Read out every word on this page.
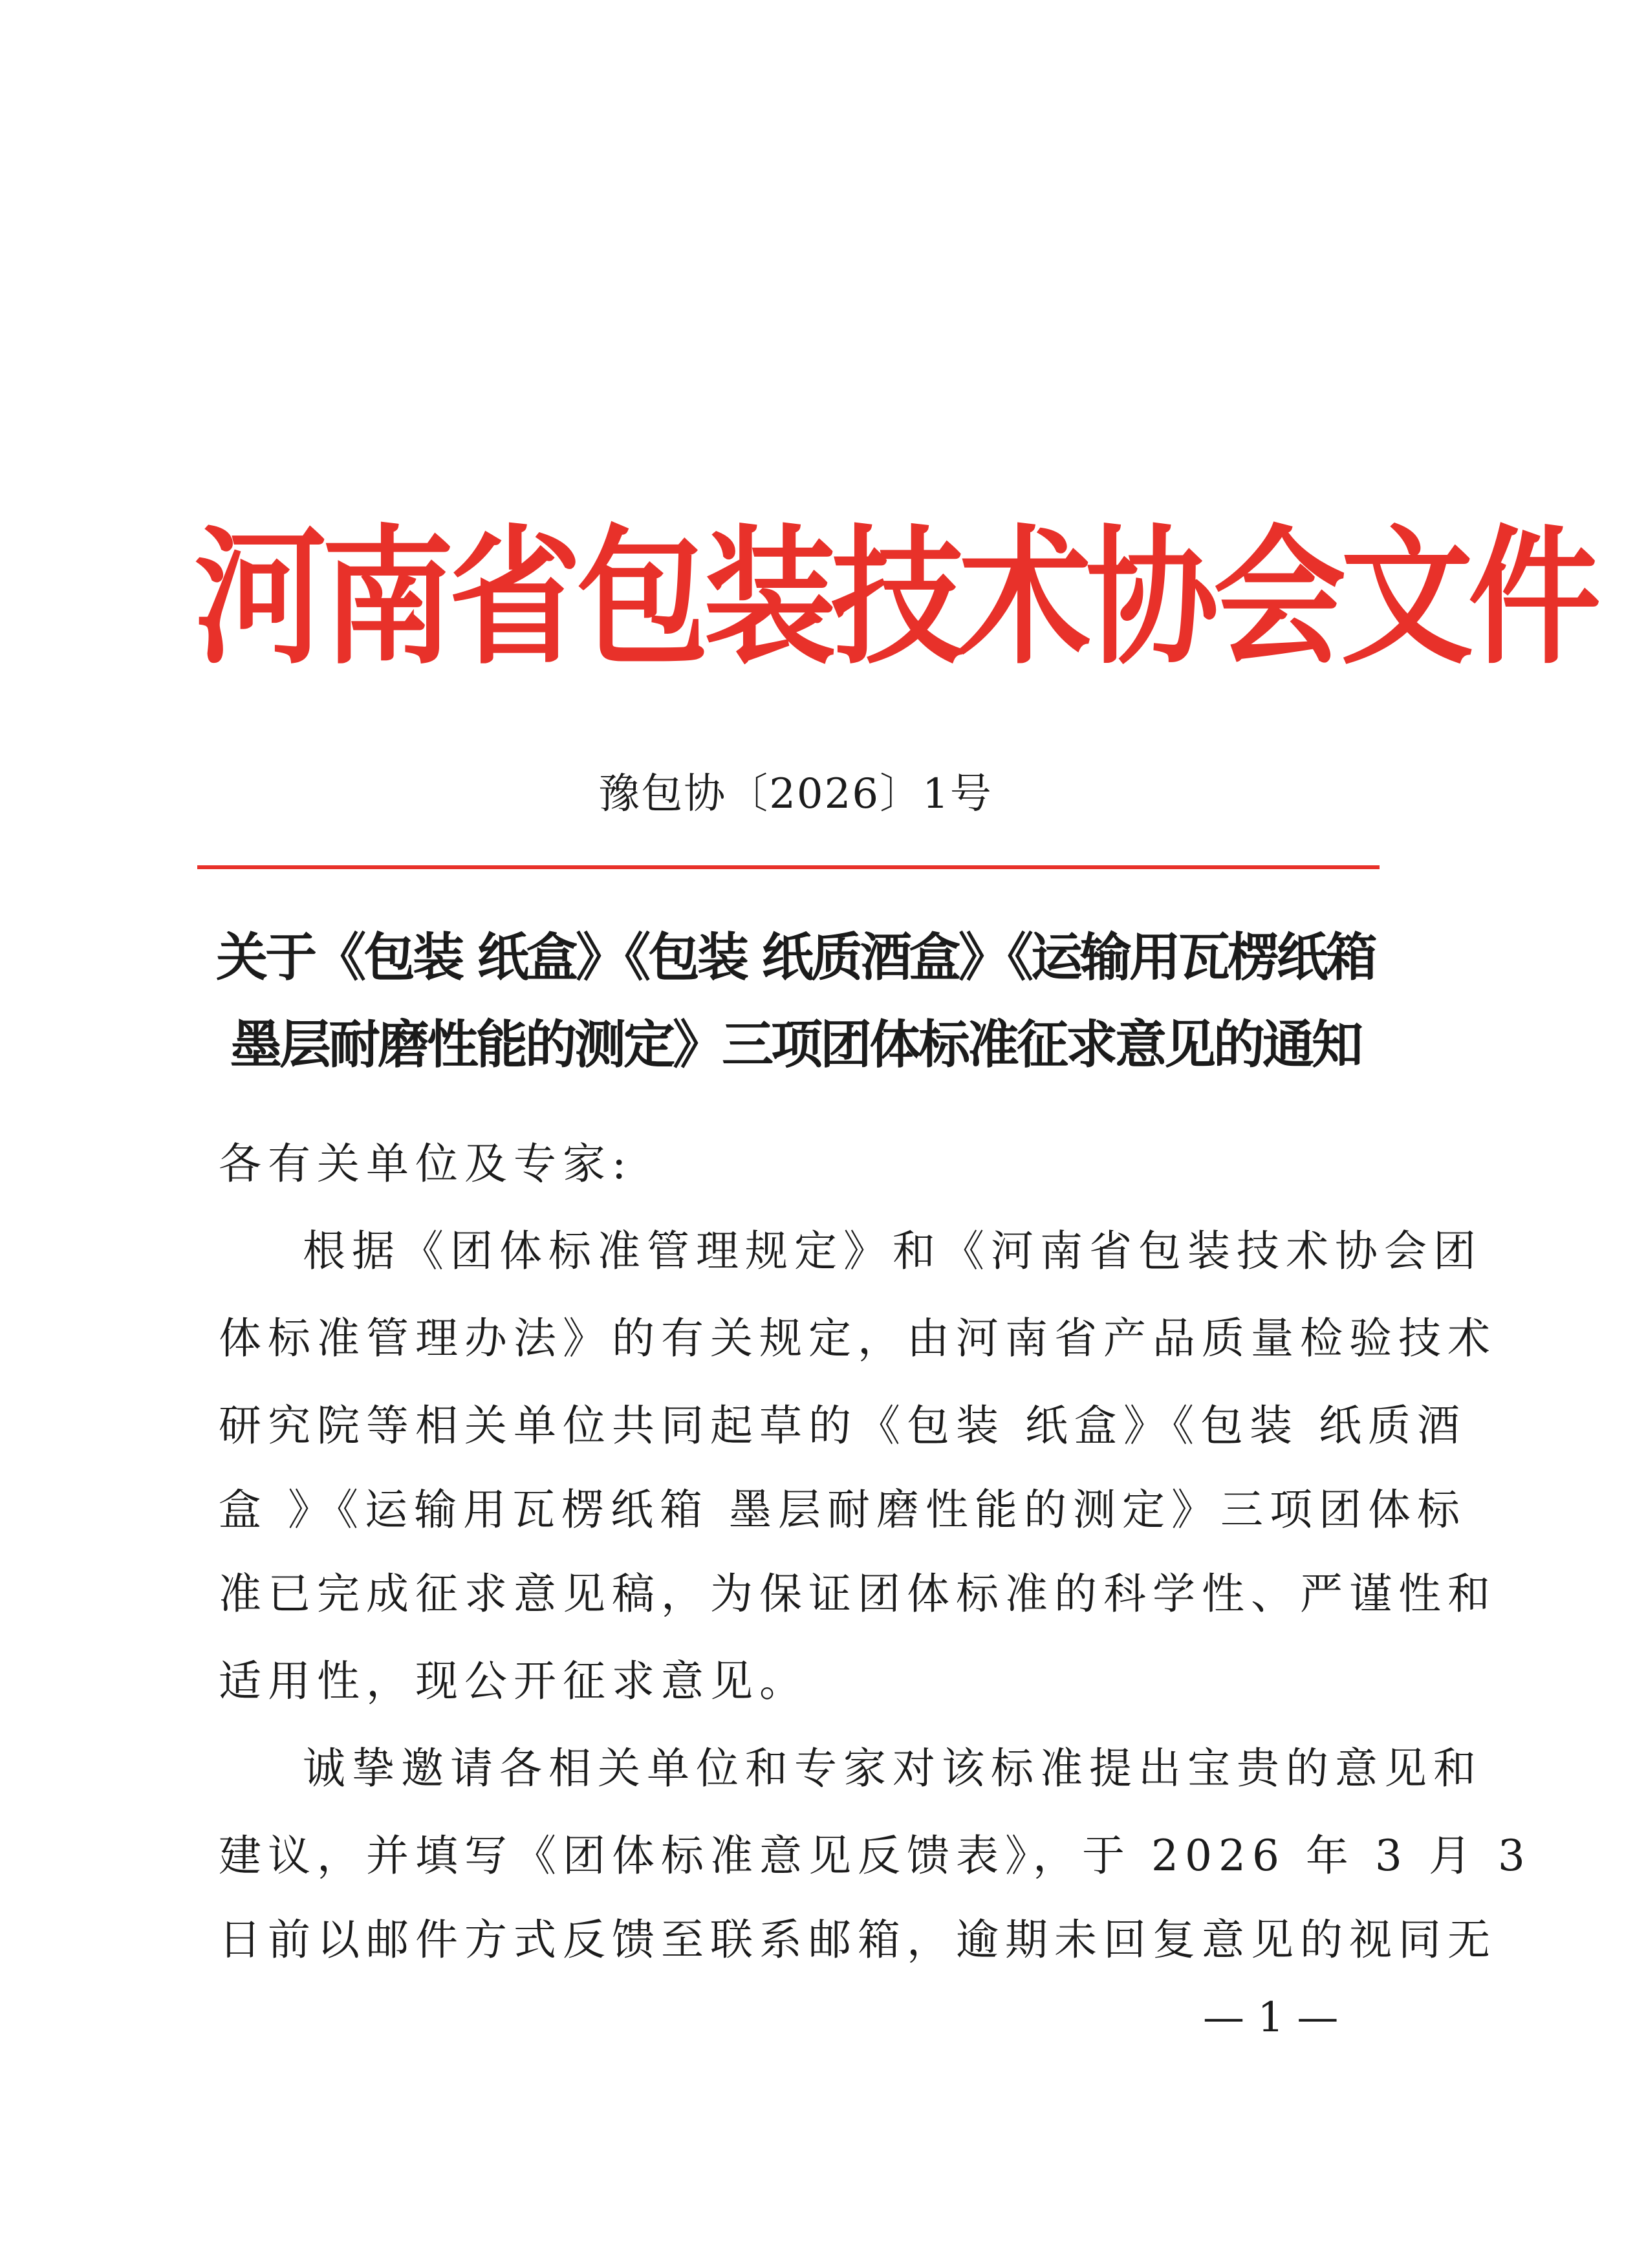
河南省包装技术协会文件
豫包协〔2026〕1号
关于《包装 纸盒》《包装 纸质酒盒》《运输用瓦楞纸箱
墨层耐磨性能的测定》三项团体标准征求意见的通知
各有关单位及专家:
根据《团体标准管理规定》和《河南省包装技术协会团
体标准管理办法》的有关规定，由河南省产品质量检验技术
研究院等相关单位共同起草的《包装 纸盒》《包装 纸质酒
盒 》《运输用瓦楞纸箱 墨层耐磨性能的测定》三项团体标
准已完成征求意见稿，为保证团体标准的科学性、严谨性和
适用性，现公开征求意见。
诚挚邀请各相关单位和专家对该标准提出宝贵的意见和
建议，并填写《团体标准意见反馈表》，于 2026 年 3 月 3
日前以邮件方式反馈至联系邮箱，逾期未回复意见的视同无
— 1 —
